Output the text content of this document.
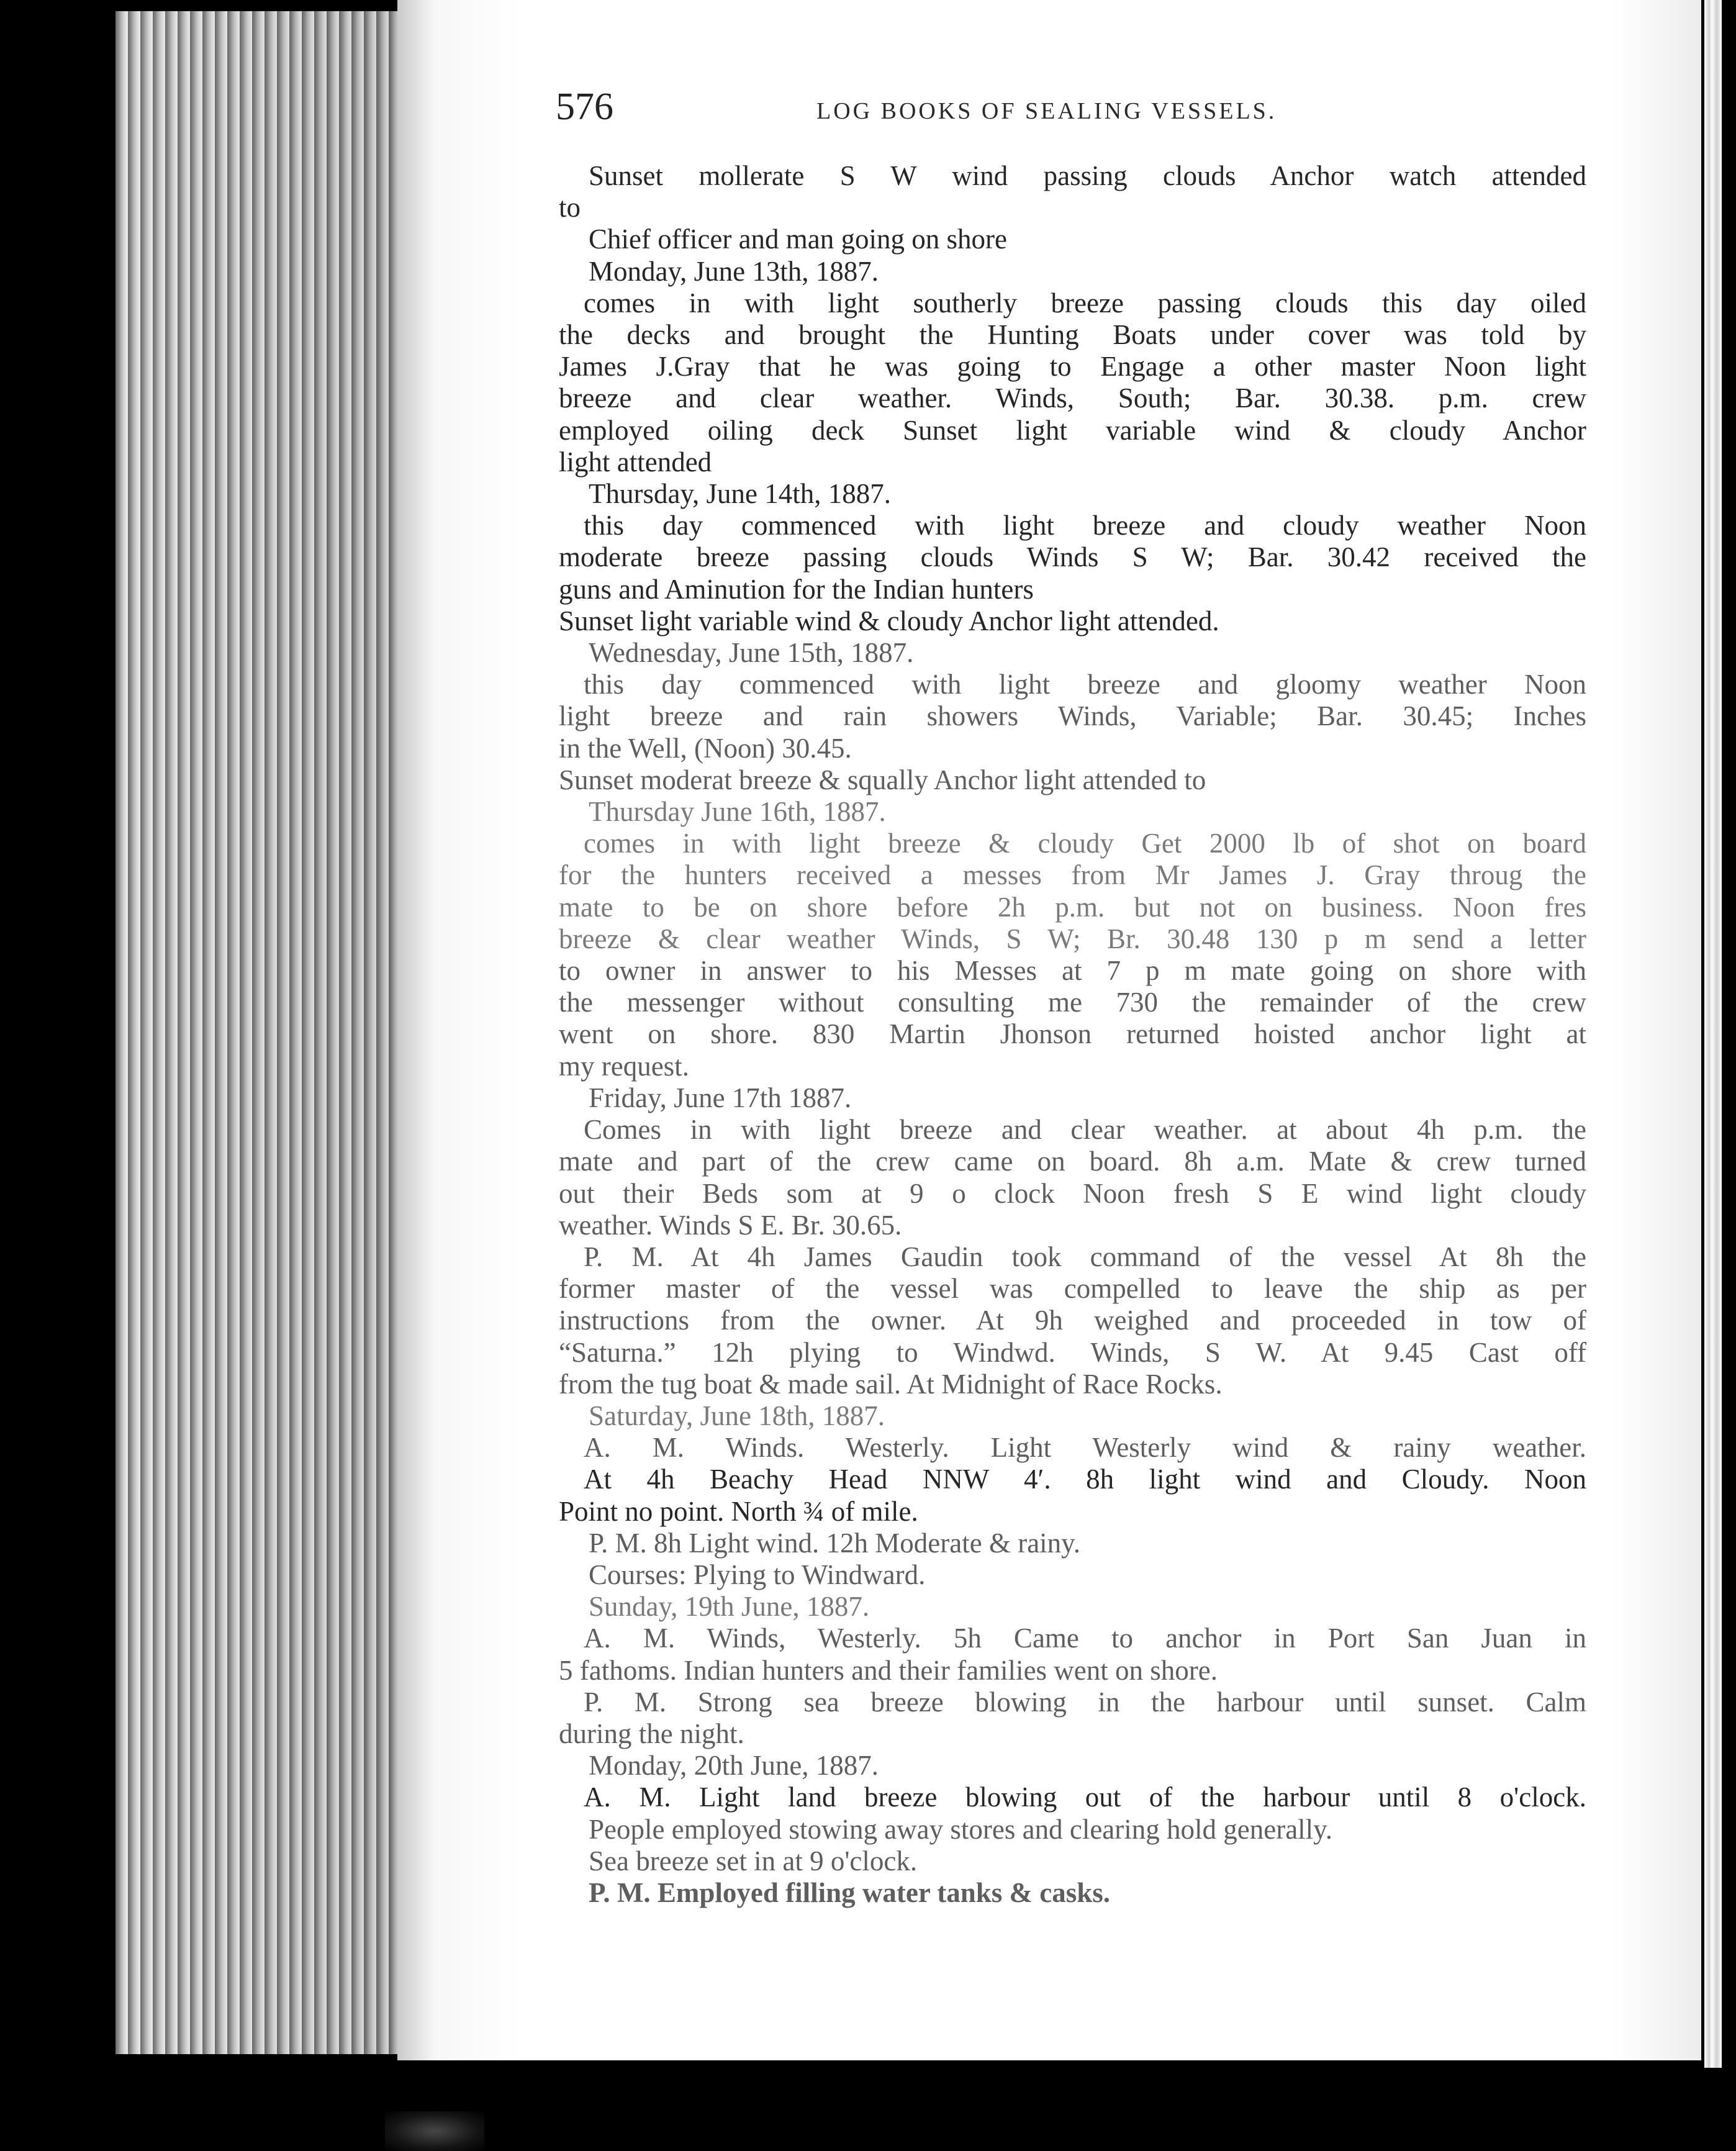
576	LOG BOOKS OF SEALING VESSELS.
Sunset mollerate S W wind passing clouds Anchor watch attended
to
Chief officer and man going on shore
Monday, June 13th, 1887.
comes in with light southerly breeze passing clouds this day oiled
the decks and brought the Hunting Boats under cover was told by
James J.Gray that he was going to Engage a other master Noon light
breeze and clear weather. Winds, South; Bar. 30.38. p.m. crew
employed oiling deck Sunset light variable wind & cloudy Anchor
light attended
Thursday, June 14th, 1887.
this day commenced with light breeze and cloudy weather Noon
moderate breeze passing clouds Winds S W; Bar. 30.42 received the
guns and Aminution for the Indian hunters
Sunset light variable wind & cloudy Anchor light attended.
Wednesday, June 15th, 1887.
this day commenced with light breeze and gloomy weather Noon
light breeze and rain showers Winds, Variable; Bar. 30.45; Inches
in the Well, (Noon) 30.45.
Sunset moderat breeze & squally Anchor light attended to
Thursday June 16th, 1887.
comes in with light breeze & cloudy Get 2000 lb of shot on board
for the hunters received a messes from Mr James J. Gray throug the
mate to be on shore before 2h p.m. but not on business. Noon fres
breeze & clear weather Winds, S W; Br. 30.48 130 p m send a letter
to owner in answer to his Messes at 7 p m mate going on shore with
the messenger without consulting me 730 the remainder of the crew
went on shore. 830 Martin Jhonson returned hoisted anchor light at
my request.
Friday, June 17th 1887.
Comes in with light breeze and clear weather. at about 4h p.m. the
mate and part of the crew came on board. 8h a.m. Mate & crew turned
out their Beds som at 9 o clock Noon fresh S E wind light cloudy
weather. Winds S E. Br. 30.65.
P. M. At 4h James Gaudin took command of the vessel At 8h the
former master of the vessel was compelled to leave the ship as per
instructions from the owner. At 9h weighed and proceeded in tow of
“Saturna.” 12h plying to Windwd. Winds, S W. At 9.45 Cast off
from the tug boat & made sail. At Midnight of Race Rocks.
Saturday, June 18th, 1887.
A. M. Winds. Westerly. Light Westerly wind & rainy weather.
At 4h Beachy Head NNW 4′. 8h light wind and Cloudy. Noon
Point no point. North ¾ of mile.
P. M. 8h Light wind. 12h Moderate & rainy.
Courses: Plying to Windward.
Sunday, 19th June, 1887.
A. M. Winds, Westerly. 5h Came to anchor in Port San Juan in
5 fathoms. Indian hunters and their families went on shore.
P. M. Strong sea breeze blowing in the harbour until sunset. Calm
during the night.
Monday, 20th June, 1887.
A. M. Light land breeze blowing out of the harbour until 8 o'clock.
People employed stowing away stores and clearing hold generally.
Sea breeze set in at 9 o'clock.
P. M. Employed filling water tanks & casks.
